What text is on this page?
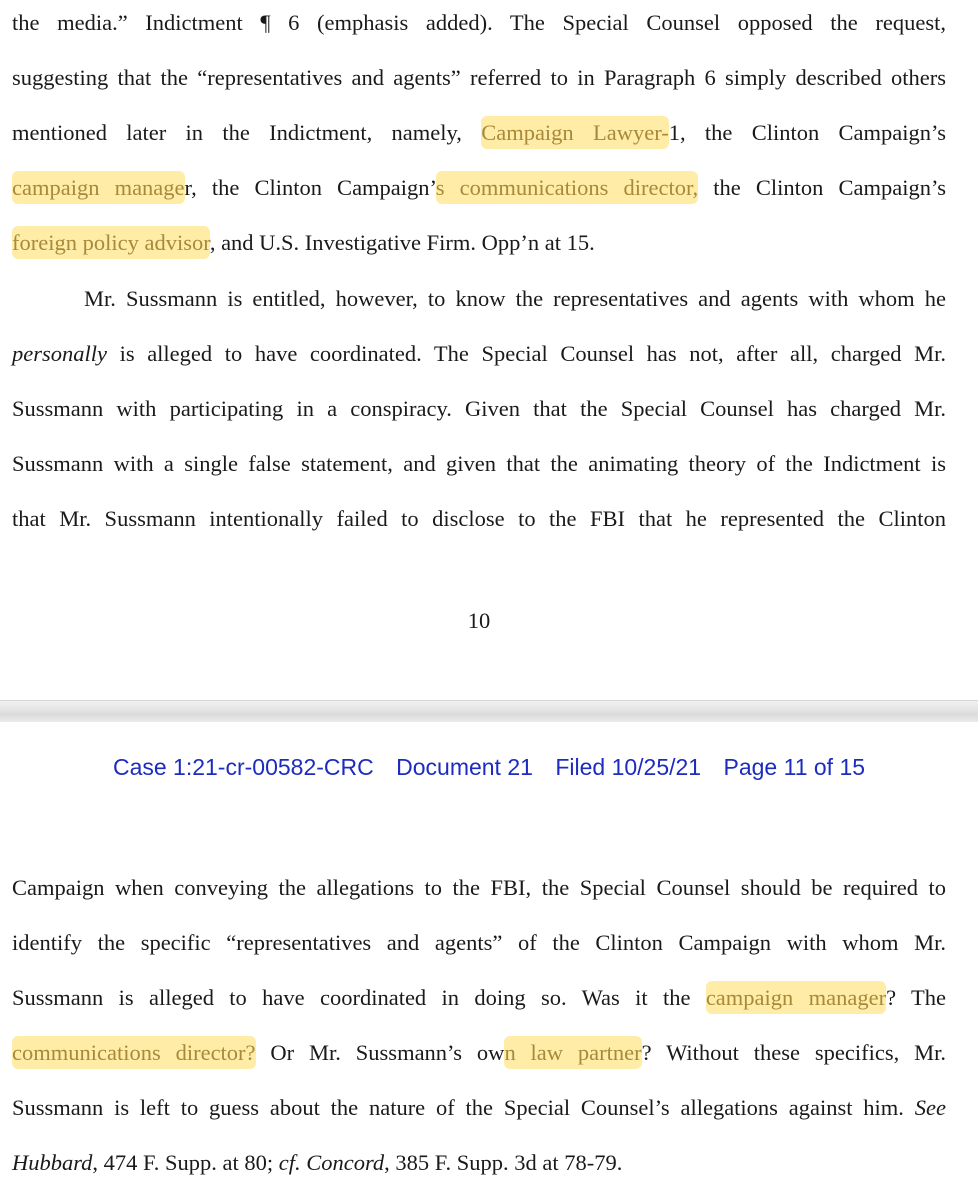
the media.” Indictment ¶ 6 (emphasis added). The Special Counsel opposed the request,
suggesting that the “representatives and agents” referred to in Paragraph 6 simply described others
mentioned later in the Indictment, namely, Campaign Lawyer-1, the Clinton Campaign’s
campaign manager, the Clinton Campaign’s communications director, the Clinton Campaign’s
foreign policy advisor, and U.S. Investigative Firm. Opp’n at 15.
Mr. Sussmann is entitled, however, to know the representatives and agents with whom he
personally is alleged to have coordinated. The Special Counsel has not, after all, charged Mr.
Sussmann with participating in a conspiracy. Given that the Special Counsel has charged Mr.
Sussmann with a single false statement, and given that the animating theory of the Indictment is
that Mr. Sussmann intentionally failed to disclose to the FBI that he represented the Clinton
10
Case 1:21-cr-00582-CRC Document 21 Filed 10/25/21 Page 11 of 15
Campaign when conveying the allegations to the FBI, the Special Counsel should be required to
identify the specific “representatives and agents” of the Clinton Campaign with whom Mr.
Sussmann is alleged to have coordinated in doing so. Was it the campaign manager? The
communications director? Or Mr. Sussmann’s own law partner? Without these specifics, Mr.
Sussmann is left to guess about the nature of the Special Counsel’s allegations against him. See
Hubbard, 474 F. Supp. at 80; cf. Concord, 385 F. Supp. 3d at 78-79.
